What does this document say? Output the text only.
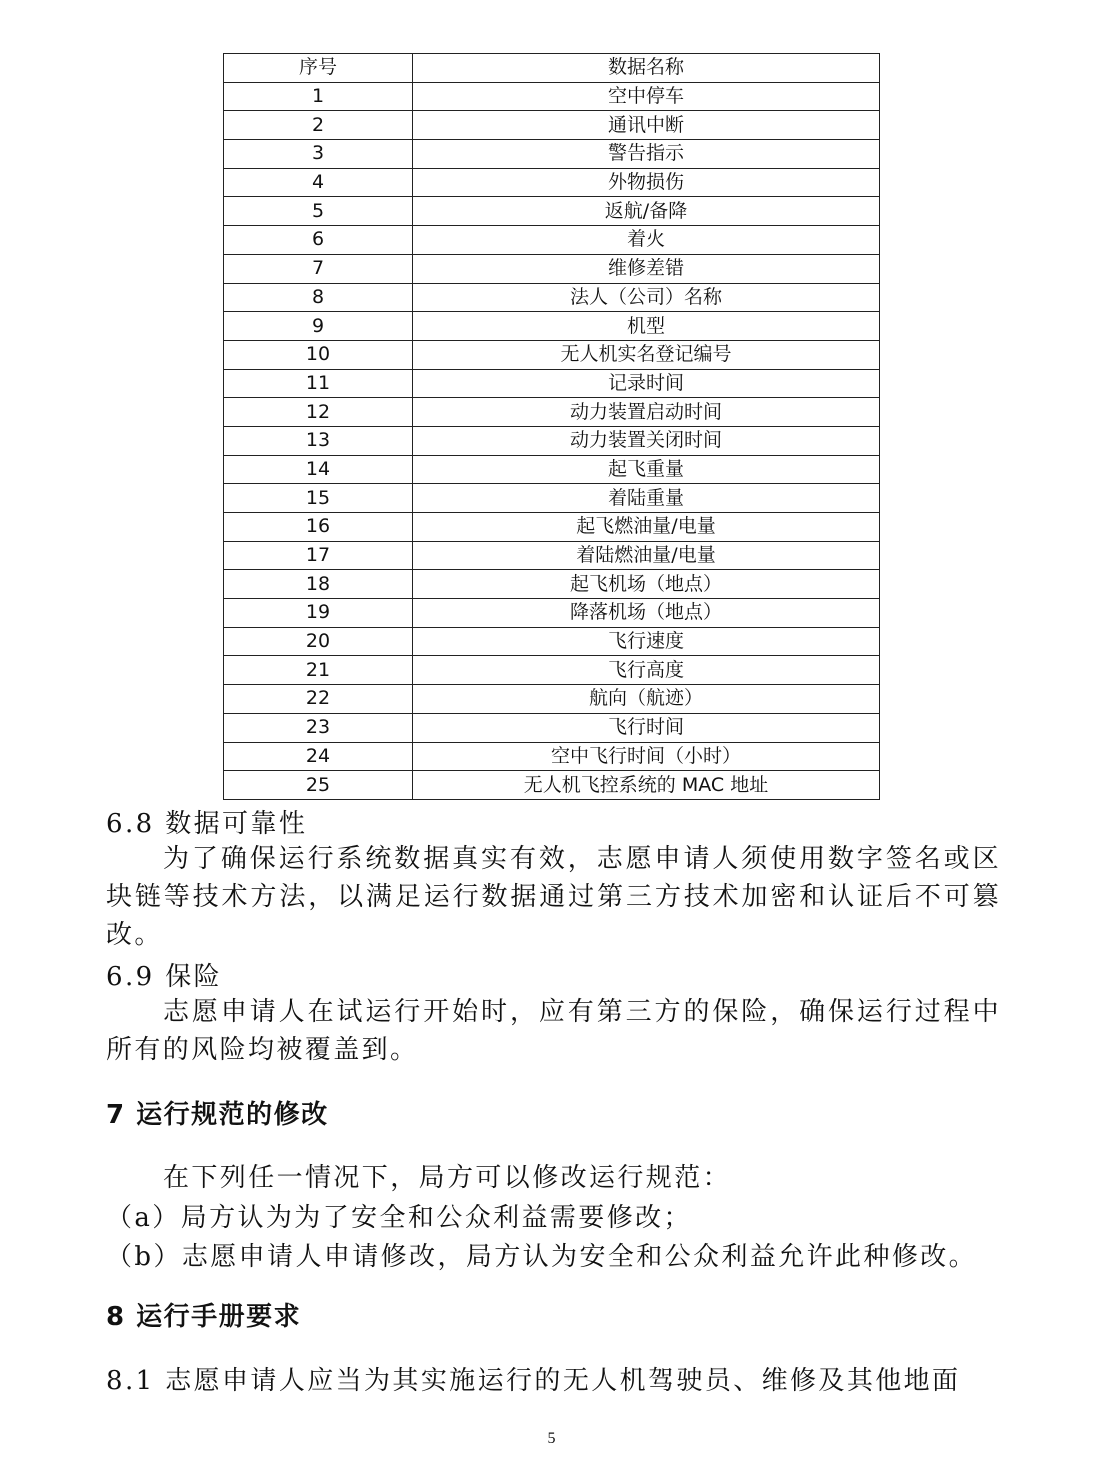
序号	数据名称
1	空中停车
2	通讯中断
3	警告指示
4	外物损伤
5	返航/备降
6	着火
7	维修差错
8	法人（公司）名称
9	机型
10	无人机实名登记编号
11	记录时间
12	动力装置启动时间
13	动力装置关闭时间
14	起飞重量
15	着陆重量
16	起飞燃油量/电量
17	着陆燃油量/电量
18	起飞机场（地点）
19	降落机场（地点）
20	飞行速度
21	飞行高度
22	航向（航迹）
23	飞行时间
24	空中飞行时间（小时）
25	无人机飞控系统的 MAC 地址

6.8 数据可靠性

为了确保运行系统数据真实有效，志愿申请人须使用数字签名或区块链等技术方法，以满足运行数据通过第三方技术加密和认证后不可篡改。

6.9 保险

志愿申请人在试运行开始时，应有第三方的保险，确保运行过程中所有的风险均被覆盖到。

7 运行规范的修改

在下列任一情况下，局方可以修改运行规范：

（a）局方认为为了安全和公众利益需要修改；

（b）志愿申请人申请修改，局方认为安全和公众利益允许此种修改。

8 运行手册要求

8.1 志愿申请人应当为其实施运行的无人机驾驶员、维修及其他地面

5
